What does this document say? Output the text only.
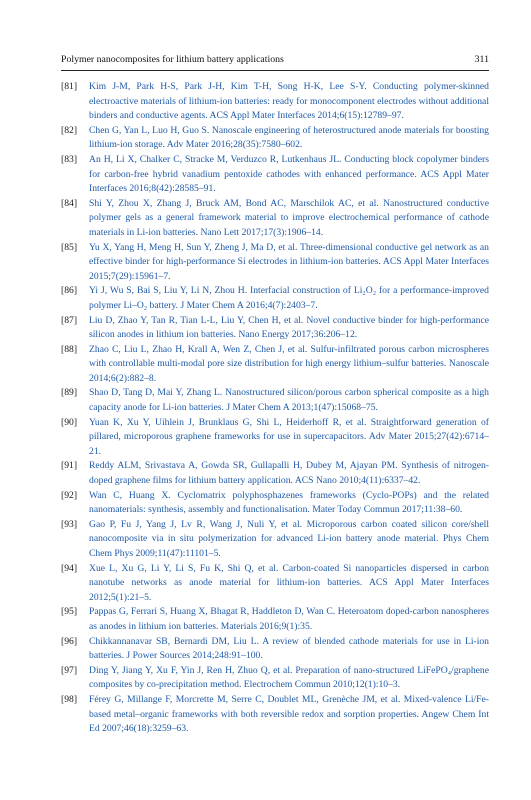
Polymer nanocomposites for lithium battery applications	311
[81] Kim J-M, Park H-S, Park J-H, Kim T-H, Song H-K, Lee S-Y. Conducting polymer-skinned electroactive materials of lithium-ion batteries: ready for monocomponent electrodes without additional binders and conductive agents. ACS Appl Mater Interfaces 2014;6(15):12789–97.
[82] Chen G, Yan L, Luo H, Guo S. Nanoscale engineering of heterostructured anode materials for boosting lithium-ion storage. Adv Mater 2016;28(35):7580–602.
[83] An H, Li X, Chalker C, Stracke M, Verduzco R, Lutkenhaus JL. Conducting block copolymer binders for carbon-free hybrid vanadium pentoxide cathodes with enhanced performance. ACS Appl Mater Interfaces 2016;8(42):28585–91.
[84] Shi Y, Zhou X, Zhang J, Bruck AM, Bond AC, Marschilok AC, et al. Nanostructured conductive polymer gels as a general framework material to improve electrochemical performance of cathode materials in Li-ion batteries. Nano Lett 2017;17(3):1906–14.
[85] Yu X, Yang H, Meng H, Sun Y, Zheng J, Ma D, et al. Three-dimensional conductive gel network as an effective binder for high-performance Si electrodes in lithium-ion batteries. ACS Appl Mater Interfaces 2015;7(29):15961–7.
[86] Yi J, Wu S, Bai S, Liu Y, Li N, Zhou H. Interfacial construction of Li₂O₂ for a performance-improved polymer Li–O₂ battery. J Mater Chem A 2016;4(7):2403–7.
[87] Liu D, Zhao Y, Tan R, Tian L-L, Liu Y, Chen H, et al. Novel conductive binder for high-performance silicon anodes in lithium ion batteries. Nano Energy 2017;36:206–12.
[88] Zhao C, Liu L, Zhao H, Krall A, Wen Z, Chen J, et al. Sulfur-infiltrated porous carbon microspheres with controllable multi-modal pore size distribution for high energy lithium–sulfur batteries. Nanoscale 2014;6(2):882–8.
[89] Shao D, Tang D, Mai Y, Zhang L. Nanostructured silicon/porous carbon spherical composite as a high capacity anode for Li-ion batteries. J Mater Chem A 2013;1(47):15068–75.
[90] Yuan K, Xu Y, Uihlein J, Brunklaus G, Shi L, Heiderhoff R, et al. Straightforward generation of pillared, microporous graphene frameworks for use in supercapacitors. Adv Mater 2015;27(42):6714–21.
[91] Reddy ALM, Srivastava A, Gowda SR, Gullapalli H, Dubey M, Ajayan PM. Synthesis of nitrogen-doped graphene films for lithium battery application. ACS Nano 2010;4(11):6337–42.
[92] Wan C, Huang X. Cyclomatrix polyphosphazenes frameworks (Cyclo-POPs) and the related nanomaterials: synthesis, assembly and functionalisation. Mater Today Commun 2017;11:38–60.
[93] Gao P, Fu J, Yang J, Lv R, Wang J, Nuli Y, et al. Microporous carbon coated silicon core/shell nanocomposite via in situ polymerization for advanced Li-ion battery anode material. Phys Chem Chem Phys 2009;11(47):11101–5.
[94] Xue L, Xu G, Li Y, Li S, Fu K, Shi Q, et al. Carbon-coated Si nanoparticles dispersed in carbon nanotube networks as anode material for lithium-ion batteries. ACS Appl Mater Interfaces 2012;5(1):21–5.
[95] Pappas G, Ferrari S, Huang X, Bhagat R, Haddleton D, Wan C. Heteroatom doped-carbon nanospheres as anodes in lithium ion batteries. Materials 2016;9(1):35.
[96] Chikkannanavar SB, Bernardi DM, Liu L. A review of blended cathode materials for use in Li-ion batteries. J Power Sources 2014;248:91–100.
[97] Ding Y, Jiang Y, Xu F, Yin J, Ren H, Zhuo Q, et al. Preparation of nano-structured LiFePO₄/graphene composites by co-precipitation method. Electrochem Commun 2010;12(1):10–3.
[98] Férey G, Millange F, Morcrette M, Serre C, Doublet ML, Grenèche JM, et al. Mixed-valence Li/Fe-based metal–organic frameworks with both reversible redox and sorption properties. Angew Chem Int Ed 2007;46(18):3259–63.
